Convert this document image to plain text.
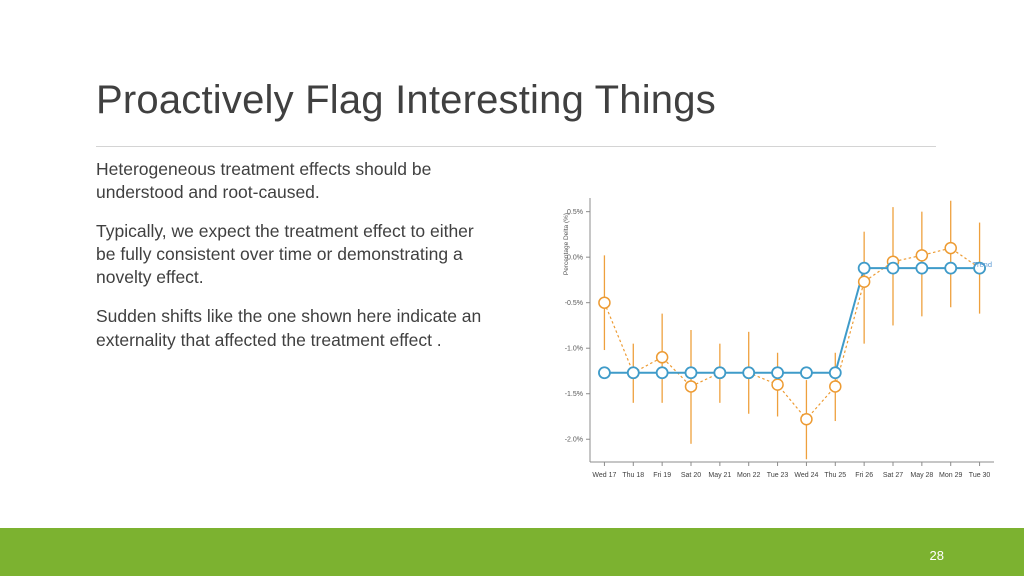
Proactively Flag Interesting Things

Heterogeneous treatment effects should be understood and root-caused.

Typically, we expect the treatment effect to either be fully consistent over time or demonstrating a novelty effect.

Sudden shifts like the one shown here indicate an externality that affected the treatment effect .

0.5%
0.0%
-0.5%
-1.0%
-1.5%
-2.0%
Percentage Delta (%)
Wed 17 Thu 18 Fri 19 Sat 20 May 21 Mon 22 Tue 23 Wed 24 Thu 25 Fri 26 Sat 27 May 28 Mon 29 Tue 30
Trend
28
